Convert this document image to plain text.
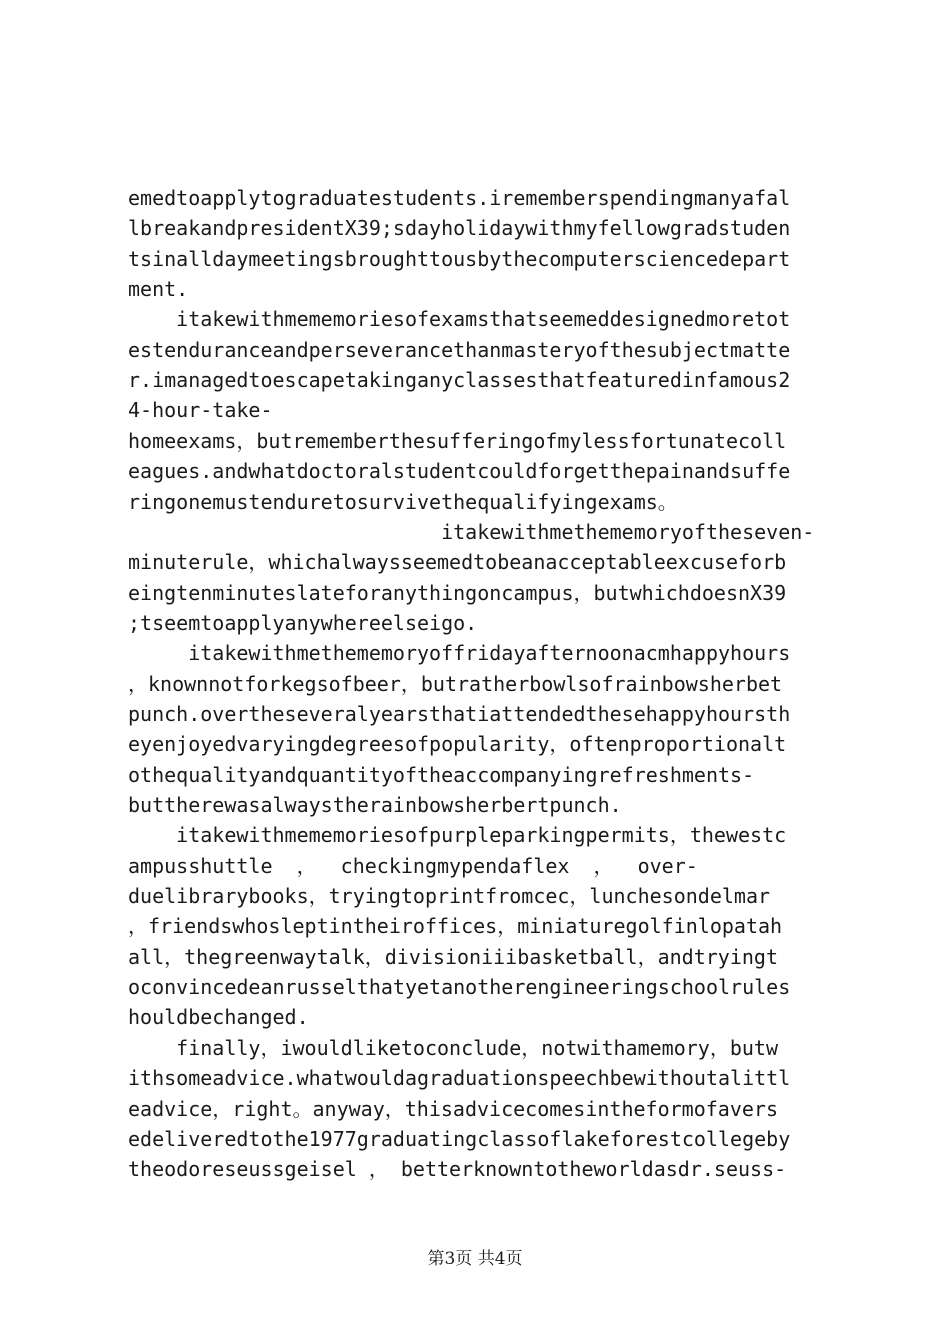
emedtoapplytograduatestudents.irememberspendingmanyafal
lbreakandpresidentX39;sdayholidaywithmyfellowgradstuden
tsinalldaymeetingsbroughttousbythecomputersciencedepart
ment.
itakewithmememoriesofexamsthatseemeddesignedmoretot
estenduranceandperseverancethanmasteryofthesubjectmatte
r.imanagedtoescapetakinganyclassesthatfeaturedinfamous2
4-hour-take-
homeexams，butrememberthesufferingofmylessfortunatecoll
eagues.andwhatdoctoralstudentcouldforgetthepainandsuffe
ringonemustenduretosurvivethequalifyingexams。
itakewithmethememoryoftheseven-
minuterule，whichalwaysseemedtobeanacceptableexcuseforb
eingtenminuteslateforanythingoncampus，butwhichdoesnX39
;tseemtoapplyanywhereelseigo.
itakewithmethememoryoffridayafternoonacmhappyhours
，knownnotforkegsofbeer，butratherbowlsofrainbowsherbet
punch.overtheseveralyearsthatiattendedthesehappyhoursth
eyenjoyedvaryingdegreesofpopularity，oftenproportionalt
othequalityandquantityoftheaccompanyingrefreshments-
buttherewasalwaystherainbowsherbertpunch.
itakewithmememoriesofpurpleparkingpermits，thewestc
ampusshuttle  ，  checkingmypendaflex  ，  over-
duelibrarybooks，tryingtoprintfromcec，lunchesondelmar
，friendswhosleptintheiroffices，miniaturegolfinlopatah
all，thegreenwaytalk，divisioniiibasketball，andtryingt
oconvincedeanrusselthatyetanotherengineeringschoolrules
houldbechanged.
finally，iwouldliketoconclude，notwithamemory，butw
ithsomeadvice.whatwouldagraduationspeechbewithoutalittl
eadvice，right。anyway，thisadvicecomesintheformofavers
edeliveredtothe1977graduatingclassoflakeforestcollegeby
theodoreseussgeisel ， betterknowntotheworldasdr.seuss-
第3页 共4页
